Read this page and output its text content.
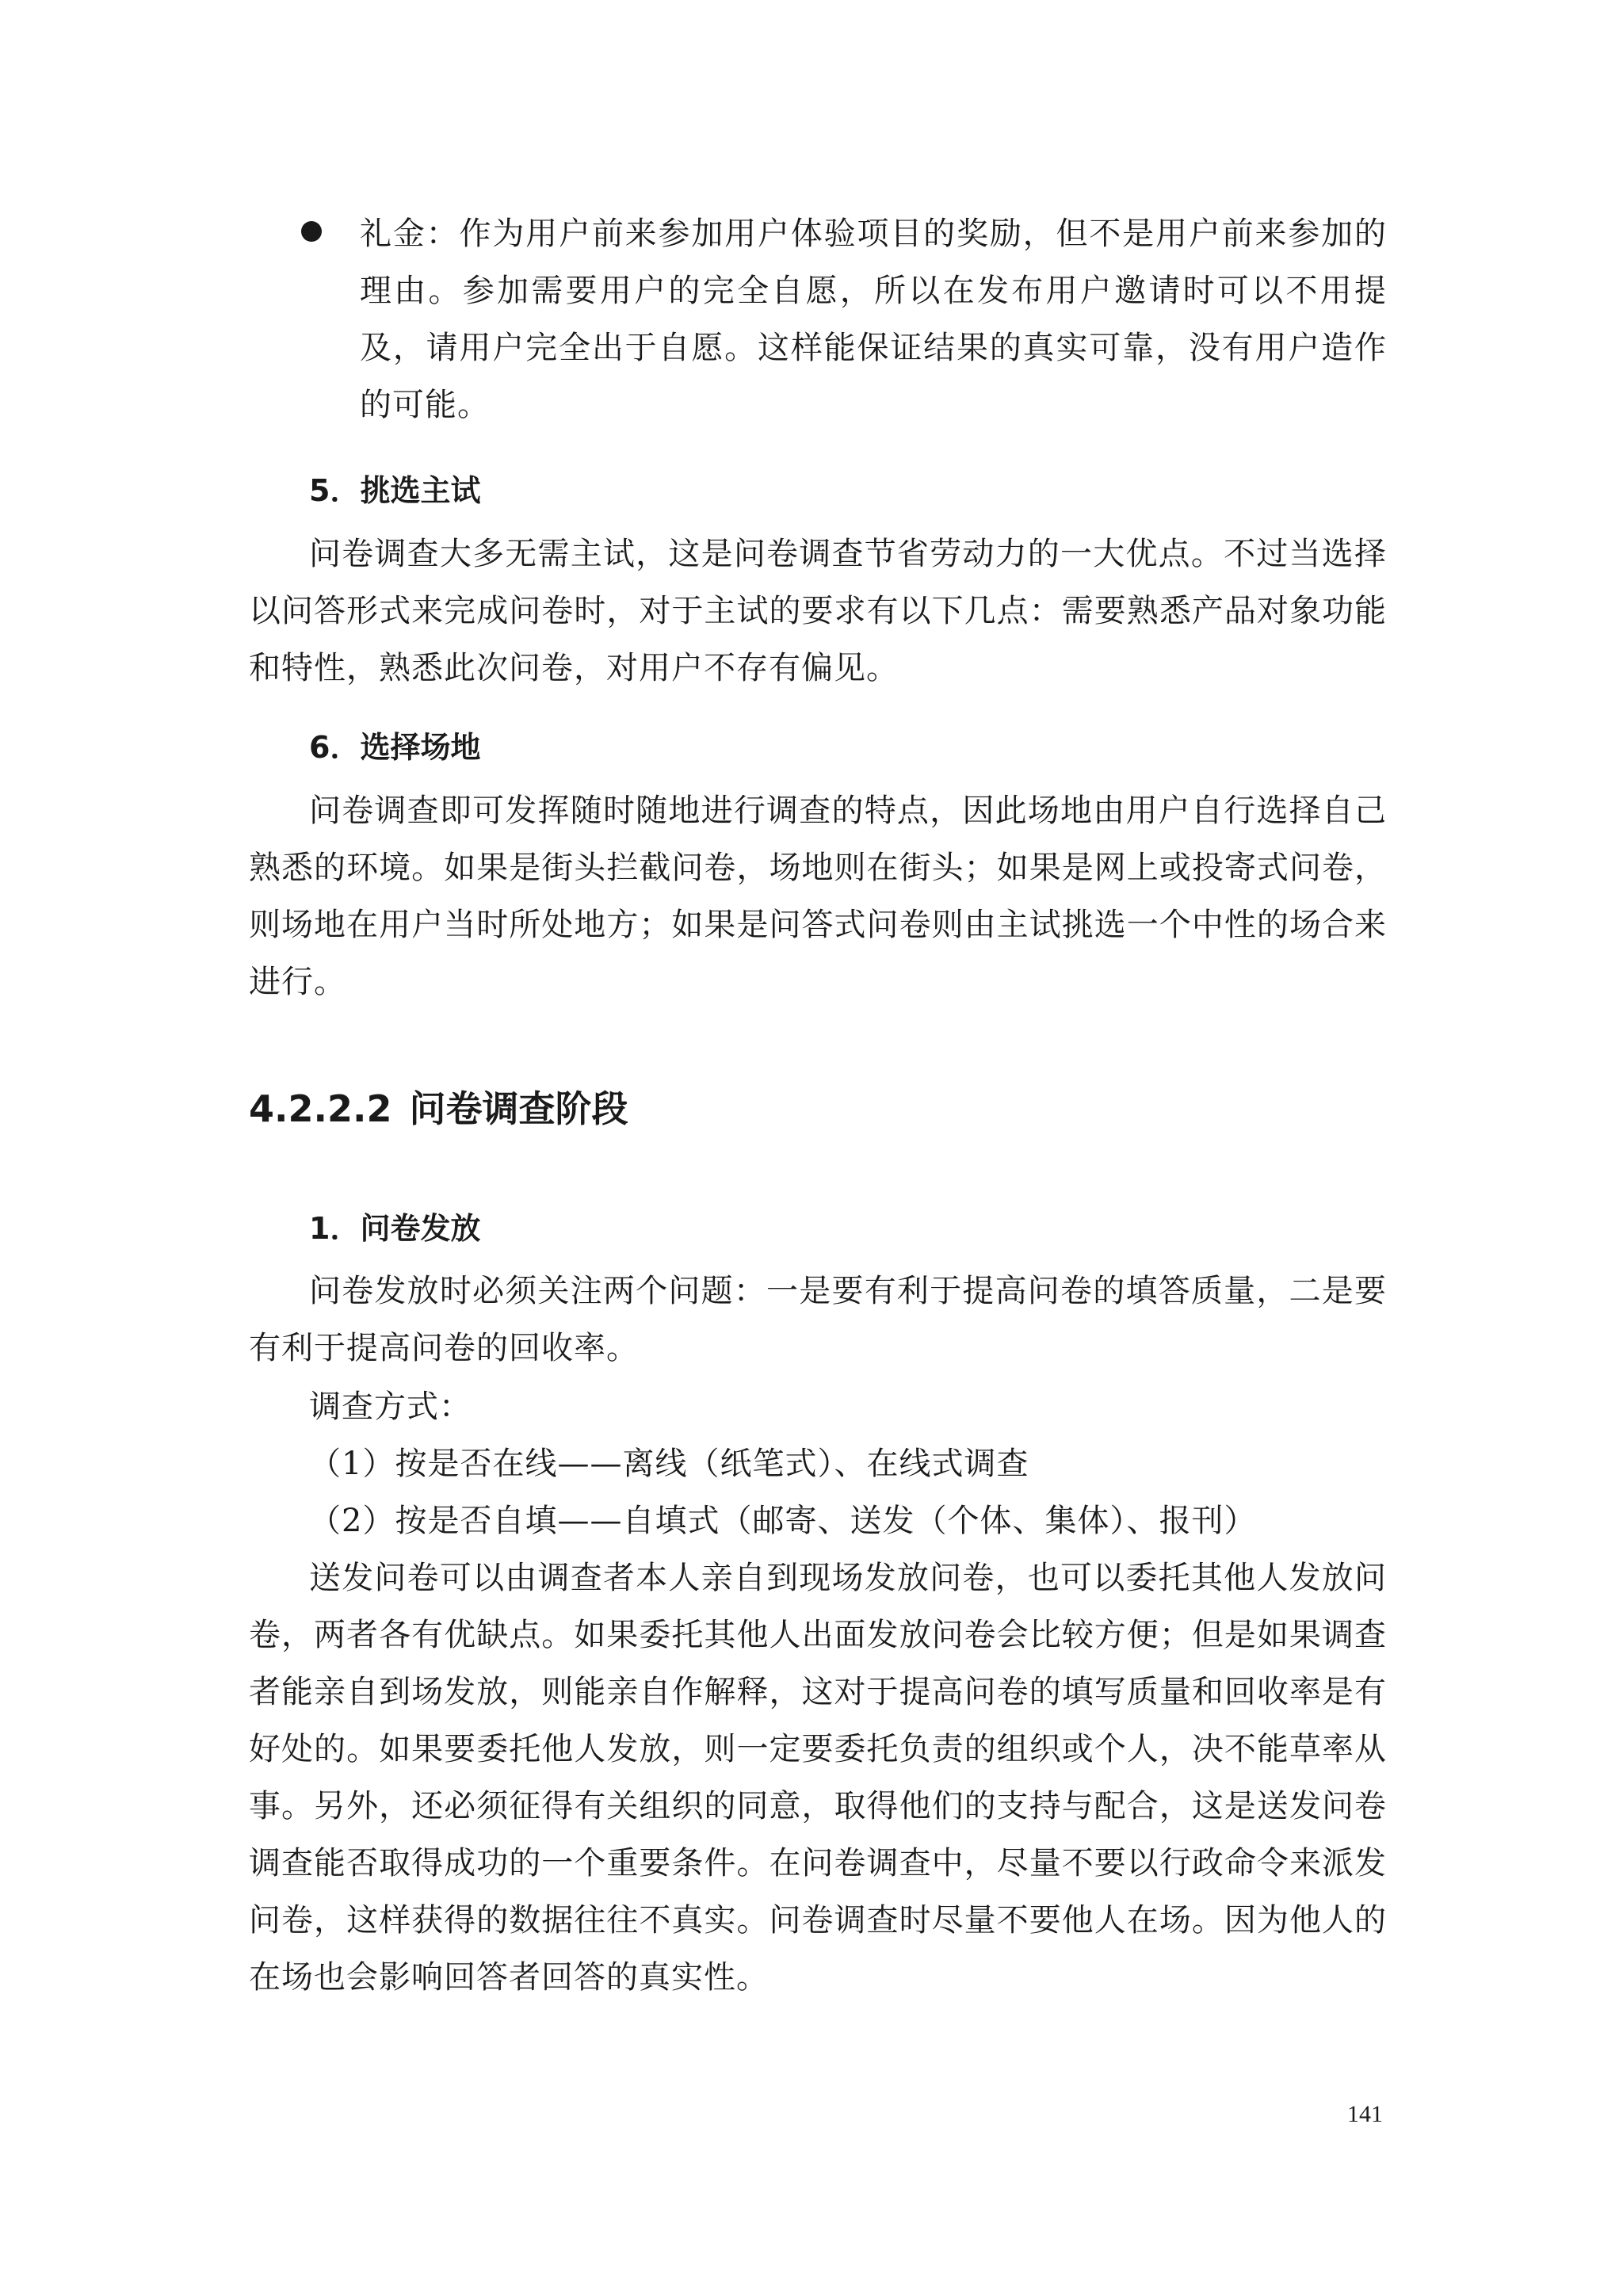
礼金：作为用户前来参加用户体验项目的奖励，但不是用户前来参加的理由。参加需要用户的完全自愿，所以在发布用户邀请时可以不用提及，请用户完全出于自愿。这样能保证结果的真实可靠，没有用户造作的可能。
5．挑选主试
问卷调查大多无需主试，这是问卷调查节省劳动力的一大优点。不过当选择以问答形式来完成问卷时，对于主试的要求有以下几点：需要熟悉产品对象功能和特性，熟悉此次问卷，对用户不存有偏见。
6．选择场地
问卷调查即可发挥随时随地进行调查的特点，因此场地由用户自行选择自己熟悉的环境。如果是街头拦截问卷，场地则在街头；如果是网上或投寄式问卷，则场地在用户当时所处地方；如果是问答式问卷则由主试挑选一个中性的场合来进行。
4.2.2.2 问卷调查阶段
1．问卷发放
问卷发放时必须关注两个问题：一是要有利于提高问卷的填答质量，二是要有利于提高问卷的回收率。
调查方式：
（1）按是否在线——离线（纸笔式）、在线式调查
（2）按是否自填——自填式（邮寄、送发（个体、集体）、报刊）
送发问卷可以由调查者本人亲自到现场发放问卷，也可以委托其他人发放问卷，两者各有优缺点。如果委托其他人出面发放问卷会比较方便；但是如果调查者能亲自到场发放，则能亲自作解释，这对于提高问卷的填写质量和回收率是有好处的。如果要委托他人发放，则一定要委托负责的组织或个人，决不能草率从事。另外，还必须征得有关组织的同意，取得他们的支持与配合，这是送发问卷调查能否取得成功的一个重要条件。在问卷调查中，尽量不要以行政命令来派发问卷，这样获得的数据往往不真实。问卷调查时尽量不要他人在场。因为他人的在场也会影响回答者回答的真实性。
141
